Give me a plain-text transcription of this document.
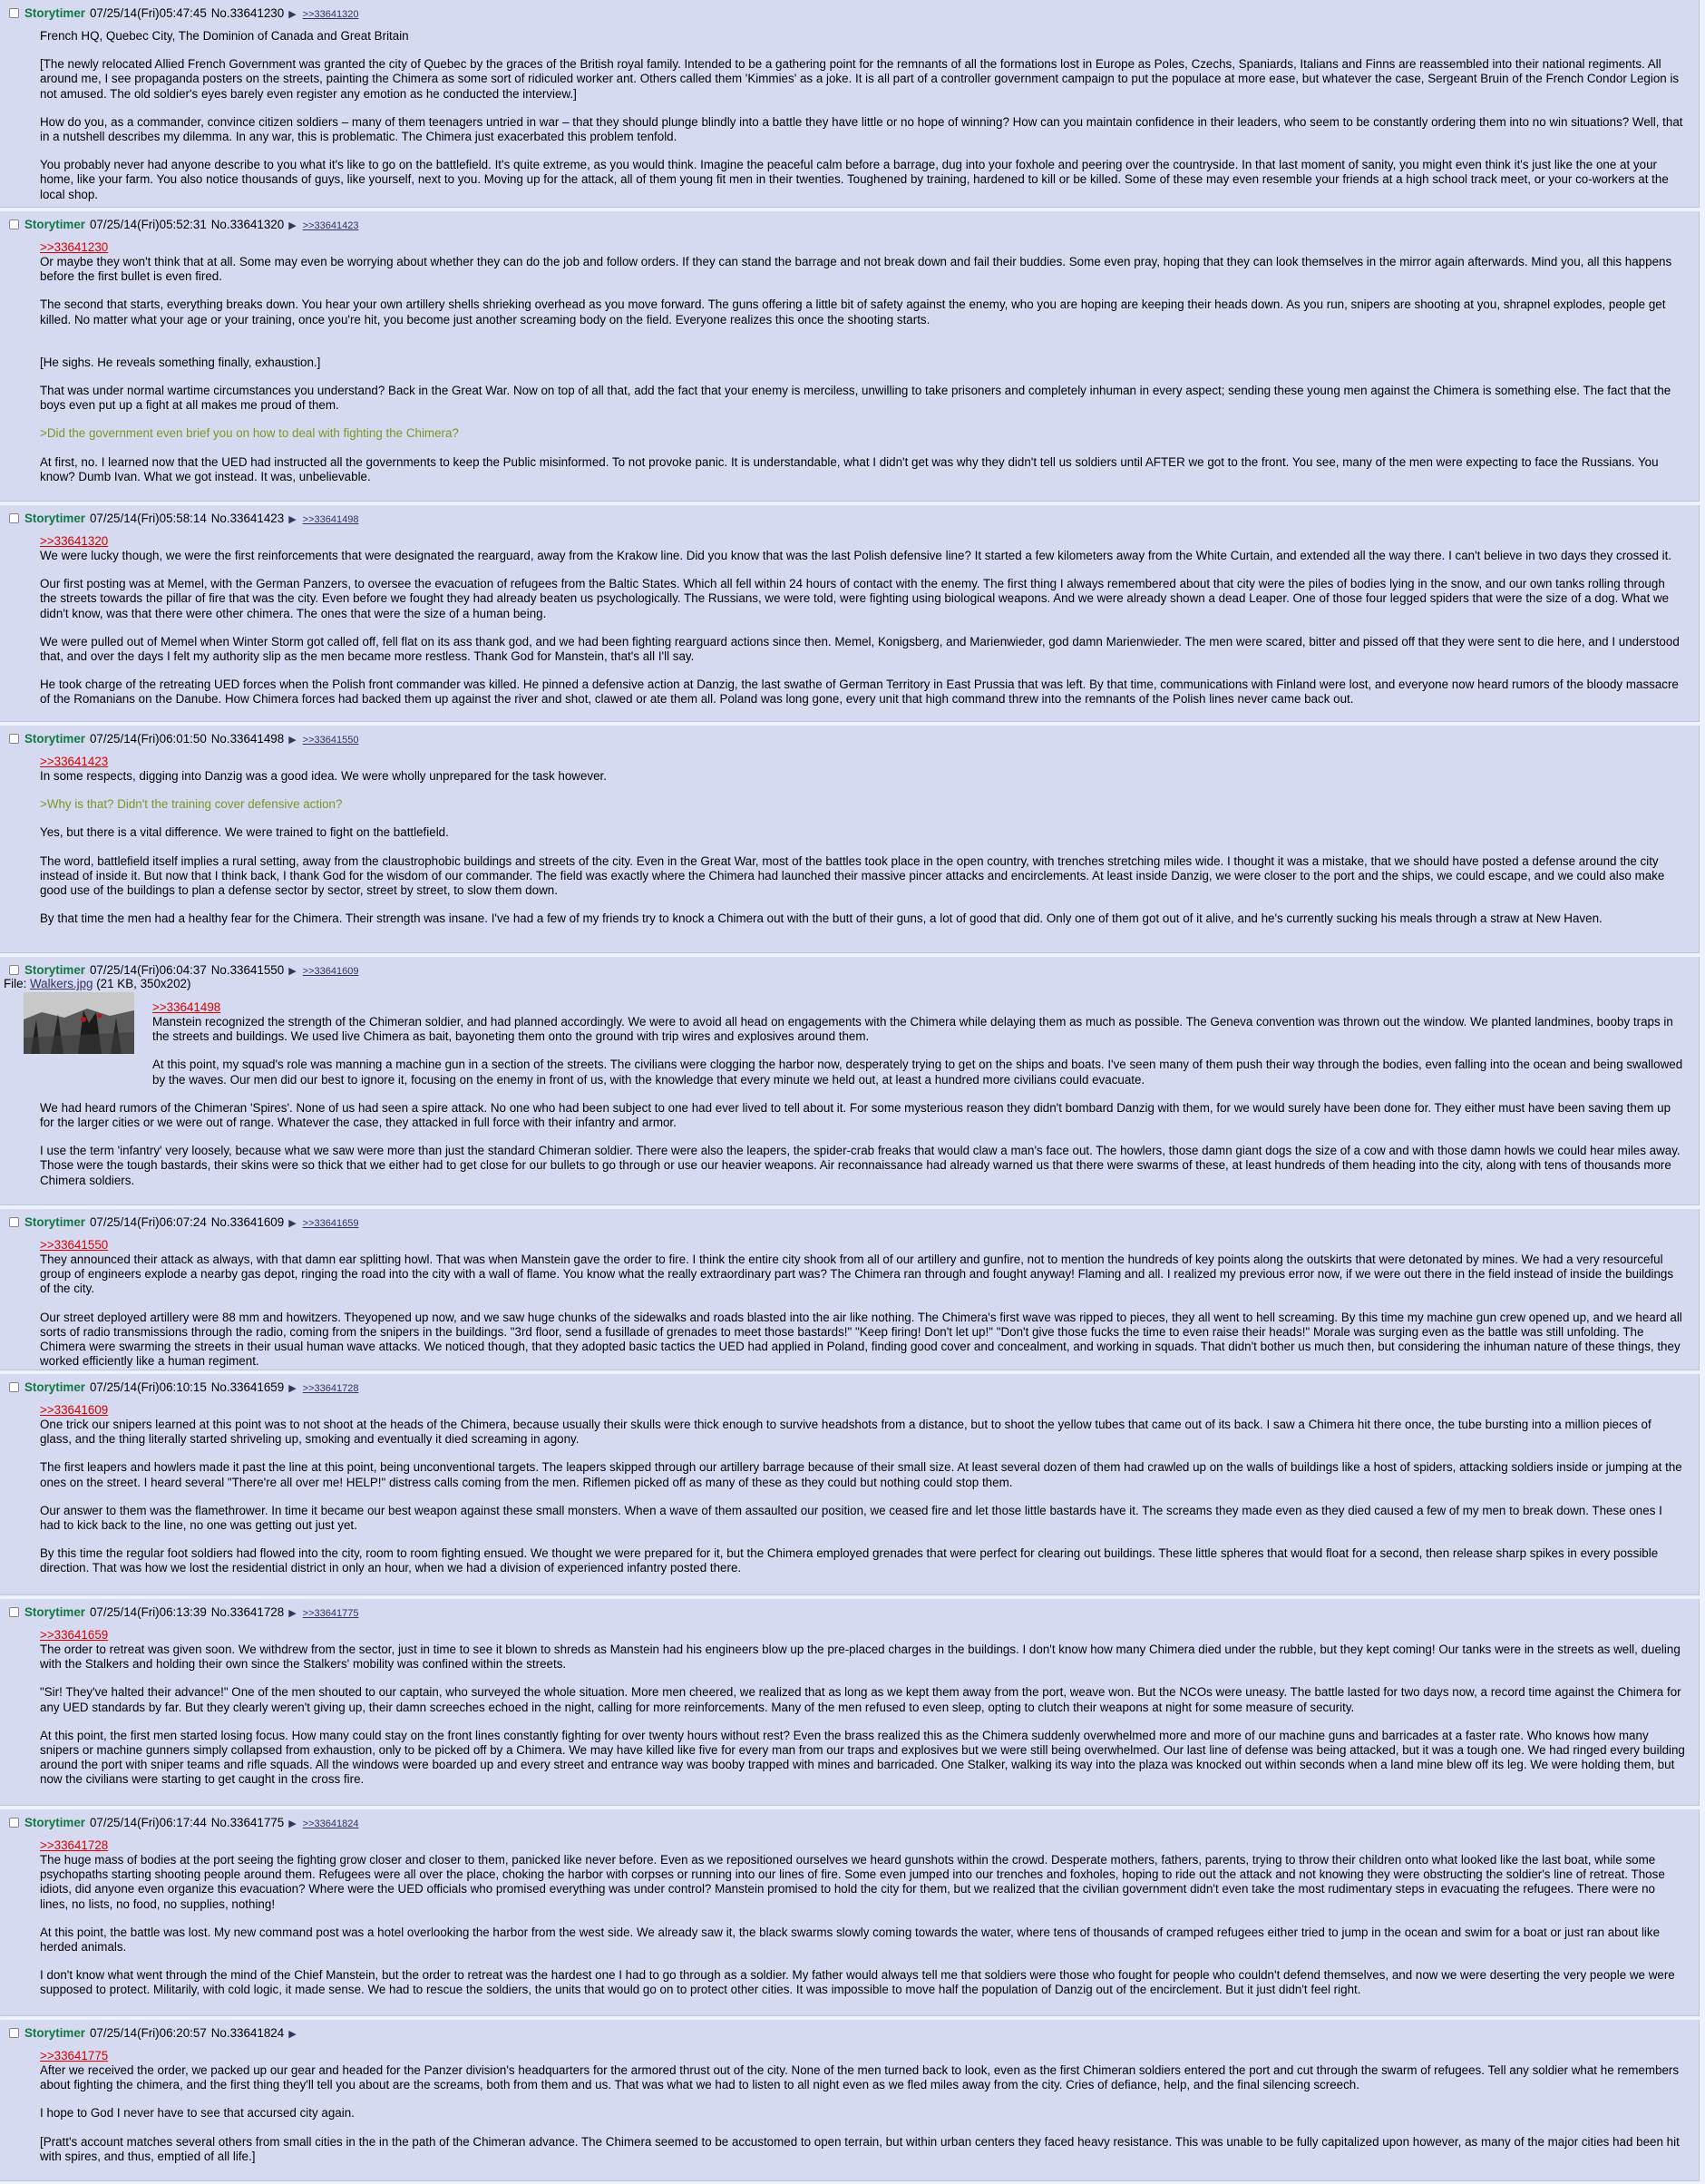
Storytimer 07/25/14(Fri)05:47:45 No.33641230 ▶ >>33641320

French HQ, Quebec City, The Dominion of Canada and Great Britain

[The newly relocated Allied French Government was granted the city of Quebec by the graces of the British royal family. Intended to be a gathering point for the remnants of all the formations lost in Europe as Poles, Czechs, Spaniards, Italians and Finns are reassembled into their national regiments. All around me, I see propaganda posters on the streets, painting the Chimera as some sort of ridiculed worker ant. Others called them 'Kimmies' as a joke. It is all part of a controller government campaign to put the populace at more ease, but whatever the case, Sergeant Bruin of the French Condor Legion is not amused. The old soldier's eyes barely even register any emotion as he conducted the interview.]

How do you, as a commander, convince citizen soldiers – many of them teenagers untried in war – that they should plunge blindly into a battle they have little or no hope of winning? How can you maintain confidence in their leaders, who seem to be constantly ordering them into no win situations? Well, that in a nutshell describes my dilemma. In any war, this is problematic. The Chimera just exacerbated this problem tenfold.

You probably never had anyone describe to you what it's like to go on the battlefield. It's quite extreme, as you would think. Imagine the peaceful calm before a barrage, dug into your foxhole and peering over the countryside. In that last moment of sanity, you might even think it's just like the one at your home, like your farm. You also notice thousands of guys, like yourself, next to you. Moving up for the attack, all of them young fit men in their twenties. Toughened by training, hardened to kill or be killed. Some of these may even resemble your friends at a high school track meet, or your co-workers at the local shop.

Storytimer 07/25/14(Fri)05:52:31 No.33641320 ▶ >>33641423
>>33641230

Or maybe they won't think that at all. Some may even be worrying about whether they can do the job and follow orders. If they can stand the barrage and not break down and fail their buddies. Some even pray, hoping that they can look themselves in the mirror again afterwards. Mind you, all this happens before the first bullet is even fired.

The second that starts, everything breaks down. You hear your own artillery shells shrieking overhead as you move forward. The guns offering a little bit of safety against the enemy, who you are hoping are keeping their heads down. As you run, snipers are shooting at you, shrapnel explodes, people get killed. No matter what your age or your training, once you're hit, you become just another screaming body on the field. Everyone realizes this once the shooting starts.

[He sighs. He reveals something finally, exhaustion.]

That was under normal wartime circumstances you understand? Back in the Great War. Now on top of all that, add the fact that your enemy is merciless, unwilling to take prisoners and completely inhuman in every aspect; sending these young men against the Chimera is something else. The fact that the boys even put up a fight at all makes me proud of them.

>Did the government even brief you on how to deal with fighting the Chimera?

At first, no. I learned now that the UED had instructed all the governments to keep the Public misinformed. To not provoke panic. It is understandable, what I didn't get was why they didn't tell us soldiers until AFTER we got to the front. You see, many of the men were expecting to face the Russians. You know? Dumb Ivan. What we got instead. It was, unbelievable.

Storytimer 07/25/14(Fri)05:58:14 No.33641423 ▶ >>33641498
>>33641320

We were lucky though, we were the first reinforcements that were designated the rearguard, away from the Krakow line. Did you know that was the last Polish defensive line? It started a few kilometers away from the White Curtain, and extended all the way there. I can't believe in two days they crossed it.

Our first posting was at Memel, with the German Panzers, to oversee the evacuation of refugees from the Baltic States. Which all fell within 24 hours of contact with the enemy. The first thing I always remembered about that city were the piles of bodies lying in the snow, and our own tanks rolling through the streets towards the pillar of fire that was the city. Even before we fought they had already beaten us psychologically. The Russians, we were told, were fighting using biological weapons. And we were already shown a dead Leaper. One of those four legged spiders that were the size of a dog. What we didn't know, was that there were other chimera. The ones that were the size of a human being.

We were pulled out of Memel when Winter Storm got called off, fell flat on its ass thank god, and we had been fighting rearguard actions since then. Memel, Konigsberg, and Marienwieder, god damn Marienwieder. The men were scared, bitter and pissed off that they were sent to die here, and I understood that, and over the days I felt my authority slip as the men became more restless. Thank God for Manstein, that's all I'll say.

He took charge of the retreating UED forces when the Polish front commander was killed. He pinned a defensive action at Danzig, the last swathe of German Territory in East Prussia that was left. By that time, communications with Finland were lost, and everyone now heard rumors of the bloody massacre of the Romanians on the Danube. How Chimera forces had backed them up against the river and shot, clawed or ate them all. Poland was long gone, every unit that high command threw into the remnants of the Polish lines never came back out.

Storytimer 07/25/14(Fri)06:01:50 No.33641498 ▶ >>33641550
>>33641423

In some respects, digging into Danzig was a good idea. We were wholly unprepared for the task however.

>Why is that? Didn't the training cover defensive action?

Yes, but there is a vital difference. We were trained to fight on the battlefield.

The word, battlefield itself implies a rural setting, away from the claustrophobic buildings and streets of the city. Even in the Great War, most of the battles took place in the open country, with trenches stretching miles wide. I thought it was a mistake, that we should have posted a defense around the city instead of inside it. But now that I think back, I thank God for the wisdom of our commander. The field was exactly where the Chimera had launched their massive pincer attacks and encirclements. At least inside Danzig, we were closer to the port and the ships, we could escape, and we could also make good use of the buildings to plan a defense sector by sector, street by street, to slow them down.

By that time the men had a healthy fear for the Chimera. Their strength was insane. I've had a few of my friends try to knock a Chimera out with the butt of their guns, a lot of good that did. Only one of them got out of it alive, and he's currently sucking his meals through a straw at New Haven.

Storytimer 07/25/14(Fri)06:04:37 No.33641550 ▶ >>33641609
File: Walkers.jpg (21 KB, 350x202)
>>33641498

Manstein recognized the strength of the Chimeran soldier, and had planned accordingly. We were to avoid all head on engagements with the Chimera while delaying them as much as possible. The Geneva convention was thrown out the window. We planted landmines, booby traps in the streets and buildings. We used live Chimera as bait, bayoneting them onto the ground with trip wires and explosives around them.

At this point, my squad's role was manning a machine gun in a section of the streets. The civilians were clogging the harbor now, desperately trying to get on the ships and boats. I've seen many of them push their way through the bodies, even falling into the ocean and being swallowed by the waves. Our men did our best to ignore it, focusing on the enemy in front of us, with the knowledge that every minute we held out, at least a hundred more civilians could evacuate.

We had heard rumors of the Chimeran 'Spires'. None of us had seen a spire attack. No one who had been subject to one had ever lived to tell about it. For some mysterious reason they didn't bombard Danzig with them, for we would surely have been done for. They either must have been saving them up for the larger cities or we were out of range. Whatever the case, they attacked in full force with their infantry and armor.

I use the term 'infantry' very loosely, because what we saw were more than just the standard Chimeran soldier. There were also the leapers, the spider-crab freaks that would claw a man's face out. The howlers, those damn giant dogs the size of a cow and with those damn howls we could hear miles away. Those were the tough bastards, their skins were so thick that we either had to get close for our bullets to go through or use our heavier weapons. Air reconnaissance had already warned us that there were swarms of these, at least hundreds of them heading into the city, along with tens of thousands more Chimera soldiers.

Storytimer 07/25/14(Fri)06:07:24 No.33641609 ▶ >>33641659
>>33641550

They announced their attack as always, with that damn ear splitting howl. That was when Manstein gave the order to fire. I think the entire city shook from all of our artillery and gunfire, not to mention the hundreds of key points along the outskirts that were detonated by mines. We had a very resourceful group of engineers explode a nearby gas depot, ringing the road into the city with a wall of flame. You know what the really extraordinary part was? The Chimera ran through and fought anyway! Flaming and all. I realized my previous error now, if we were out there in the field instead of inside the buildings of the city.

Our street deployed artillery were 88 mm and howitzers. Theyopened up now, and we saw huge chunks of the sidewalks and roads blasted into the air like nothing. The Chimera's first wave was ripped to pieces, they all went to hell screaming. By this time my machine gun crew opened up, and we heard all sorts of radio transmissions through the radio, coming from the snipers in the buildings. "3rd floor, send a fusillade of grenades to meet those bastards!" "Keep firing! Don't let up!" "Don't give those fucks the time to even raise their heads!" Morale was surging even as the battle was still unfolding. The Chimera were swarming the streets in their usual human wave attacks. We noticed though, that they adopted basic tactics the UED had applied in Poland, finding good cover and concealment, and working in squads. That didn't bother us much then, but considering the inhuman nature of these things, they worked efficiently like a human regiment.

Storytimer 07/25/14(Fri)06:10:15 No.33641659 ▶ >>33641728
>>33641609

One trick our snipers learned at this point was to not shoot at the heads of the Chimera, because usually their skulls were thick enough to survive headshots from a distance, but to shoot the yellow tubes that came out of its back. I saw a Chimera hit there once, the tube bursting into a million pieces of glass, and the thing literally started shriveling up, smoking and eventually it died screaming in agony.

The first leapers and howlers made it past the line at this point, being unconventional targets. The leapers skipped through our artillery barrage because of their small size. At least several dozen of them had crawled up on the walls of buildings like a host of spiders, attacking soldiers inside or jumping at the ones on the street. I heard several "There're all over me! HELP!" distress calls coming from the men. Riflemen picked off as many of these as they could but nothing could stop them.

Our answer to them was the flamethrower. In time it became our best weapon against these small monsters. When a wave of them assaulted our position, we ceased fire and let those little bastards have it. The screams they made even as they died caused a few of my men to break down. These ones I had to kick back to the line, no one was getting out just yet.

By this time the regular foot soldiers had flowed into the city, room to room fighting ensued. We thought we were prepared for it, but the Chimera employed grenades that were perfect for clearing out buildings. These little spheres that would float for a second, then release sharp spikes in every possible direction. That was how we lost the residential district in only an hour, when we had a division of experienced infantry posted there.

Storytimer 07/25/14(Fri)06:13:39 No.33641728 ▶ >>33641775
>>33641659

The order to retreat was given soon. We withdrew from the sector, just in time to see it blown to shreds as Manstein had his engineers blow up the pre-placed charges in the buildings. I don't know how many Chimera died under the rubble, but they kept coming! Our tanks were in the streets as well, dueling with the Stalkers and holding their own since the Stalkers' mobility was confined within the streets.

"Sir! They've halted their advance!" One of the men shouted to our captain, who surveyed the whole situation. More men cheered, we realized that as long as we kept them away from the port, weave won. But the NCOs were uneasy. The battle lasted for two days now, a record time against the Chimera for any UED standards by far. But they clearly weren't giving up, their damn screeches echoed in the night, calling for more reinforcements. Many of the men refused to even sleep, opting to clutch their weapons at night for some measure of security.

At this point, the first men started losing focus. How many could stay on the front lines constantly fighting for over twenty hours without rest? Even the brass realized this as the Chimera suddenly overwhelmed more and more of our machine guns and barricades at a faster rate. Who knows how many snipers or machine gunners simply collapsed from exhaustion, only to be picked off by a Chimera. We may have killed like five for every man from our traps and explosives but we were still being overwhelmed. Our last line of defense was being attacked, but it was a tough one. We had ringed every building around the port with sniper teams and rifle squads. All the windows were boarded up and every street and entrance way was booby trapped with mines and barricaded. One Stalker, walking its way into the plaza was knocked out within seconds when a land mine blew off its leg. We were holding them, but now the civilians were starting to get caught in the cross fire.

Storytimer 07/25/14(Fri)06:17:44 No.33641775 ▶ >>33641824
>>33641728

The huge mass of bodies at the port seeing the fighting grow closer and closer to them, panicked like never before. Even as we repositioned ourselves we heard gunshots within the crowd. Desperate mothers, fathers, parents, trying to throw their children onto what looked like the last boat, while some psychopaths starting shooting people around them. Refugees were all over the place, choking the harbor with corpses or running into our lines of fire. Some even jumped into our trenches and foxholes, hoping to ride out the attack and not knowing they were obstructing the soldier's line of retreat. Those idiots, did anyone even organize this evacuation? Where were the UED officials who promised everything was under control? Manstein promised to hold the city for them, but we realized that the civilian government didn't even take the most rudimentary steps in evacuating the refugees. There were no lines, no lists, no food, no supplies, nothing!

At this point, the battle was lost. My new command post was a hotel overlooking the harbor from the west side. We already saw it, the black swarms slowly coming towards the water, where tens of thousands of cramped refugees either tried to jump in the ocean and swim for a boat or just ran about like herded animals.

I don't know what went through the mind of the Chief Manstein, but the order to retreat was the hardest one I had to go through as a soldier. My father would always tell me that soldiers were those who fought for people who couldn't defend themselves, and now we were deserting the very people we were supposed to protect. Militarily, with cold logic, it made sense. We had to rescue the soldiers, the units that would go on to protect other cities. It was impossible to move half the population of Danzig out of the encirclement. But it just didn't feel right.

Storytimer 07/25/14(Fri)06:20:57 No.33641824 ▶
>>33641775

After we received the order, we packed up our gear and headed for the Panzer division's headquarters for the armored thrust out of the city. None of the men turned back to look, even as the first Chimeran soldiers entered the port and cut through the swarm of refugees. Tell any soldier what he remembers about fighting the chimera, and the first thing they'll tell you about are the screams, both from them and us. That was what we had to listen to all night even as we fled miles away from the city. Cries of defiance, help, and the final silencing screech.

I hope to God I never have to see that accursed city again.

[Pratt's account matches several others from small cities in the in the path of the Chimeran advance. The Chimera seemed to be accustomed to open terrain, but within urban centers they faced heavy resistance. This was unable to be fully capitalized upon however, as many of the major cities had been hit with spires, and thus, emptied of all life.]
